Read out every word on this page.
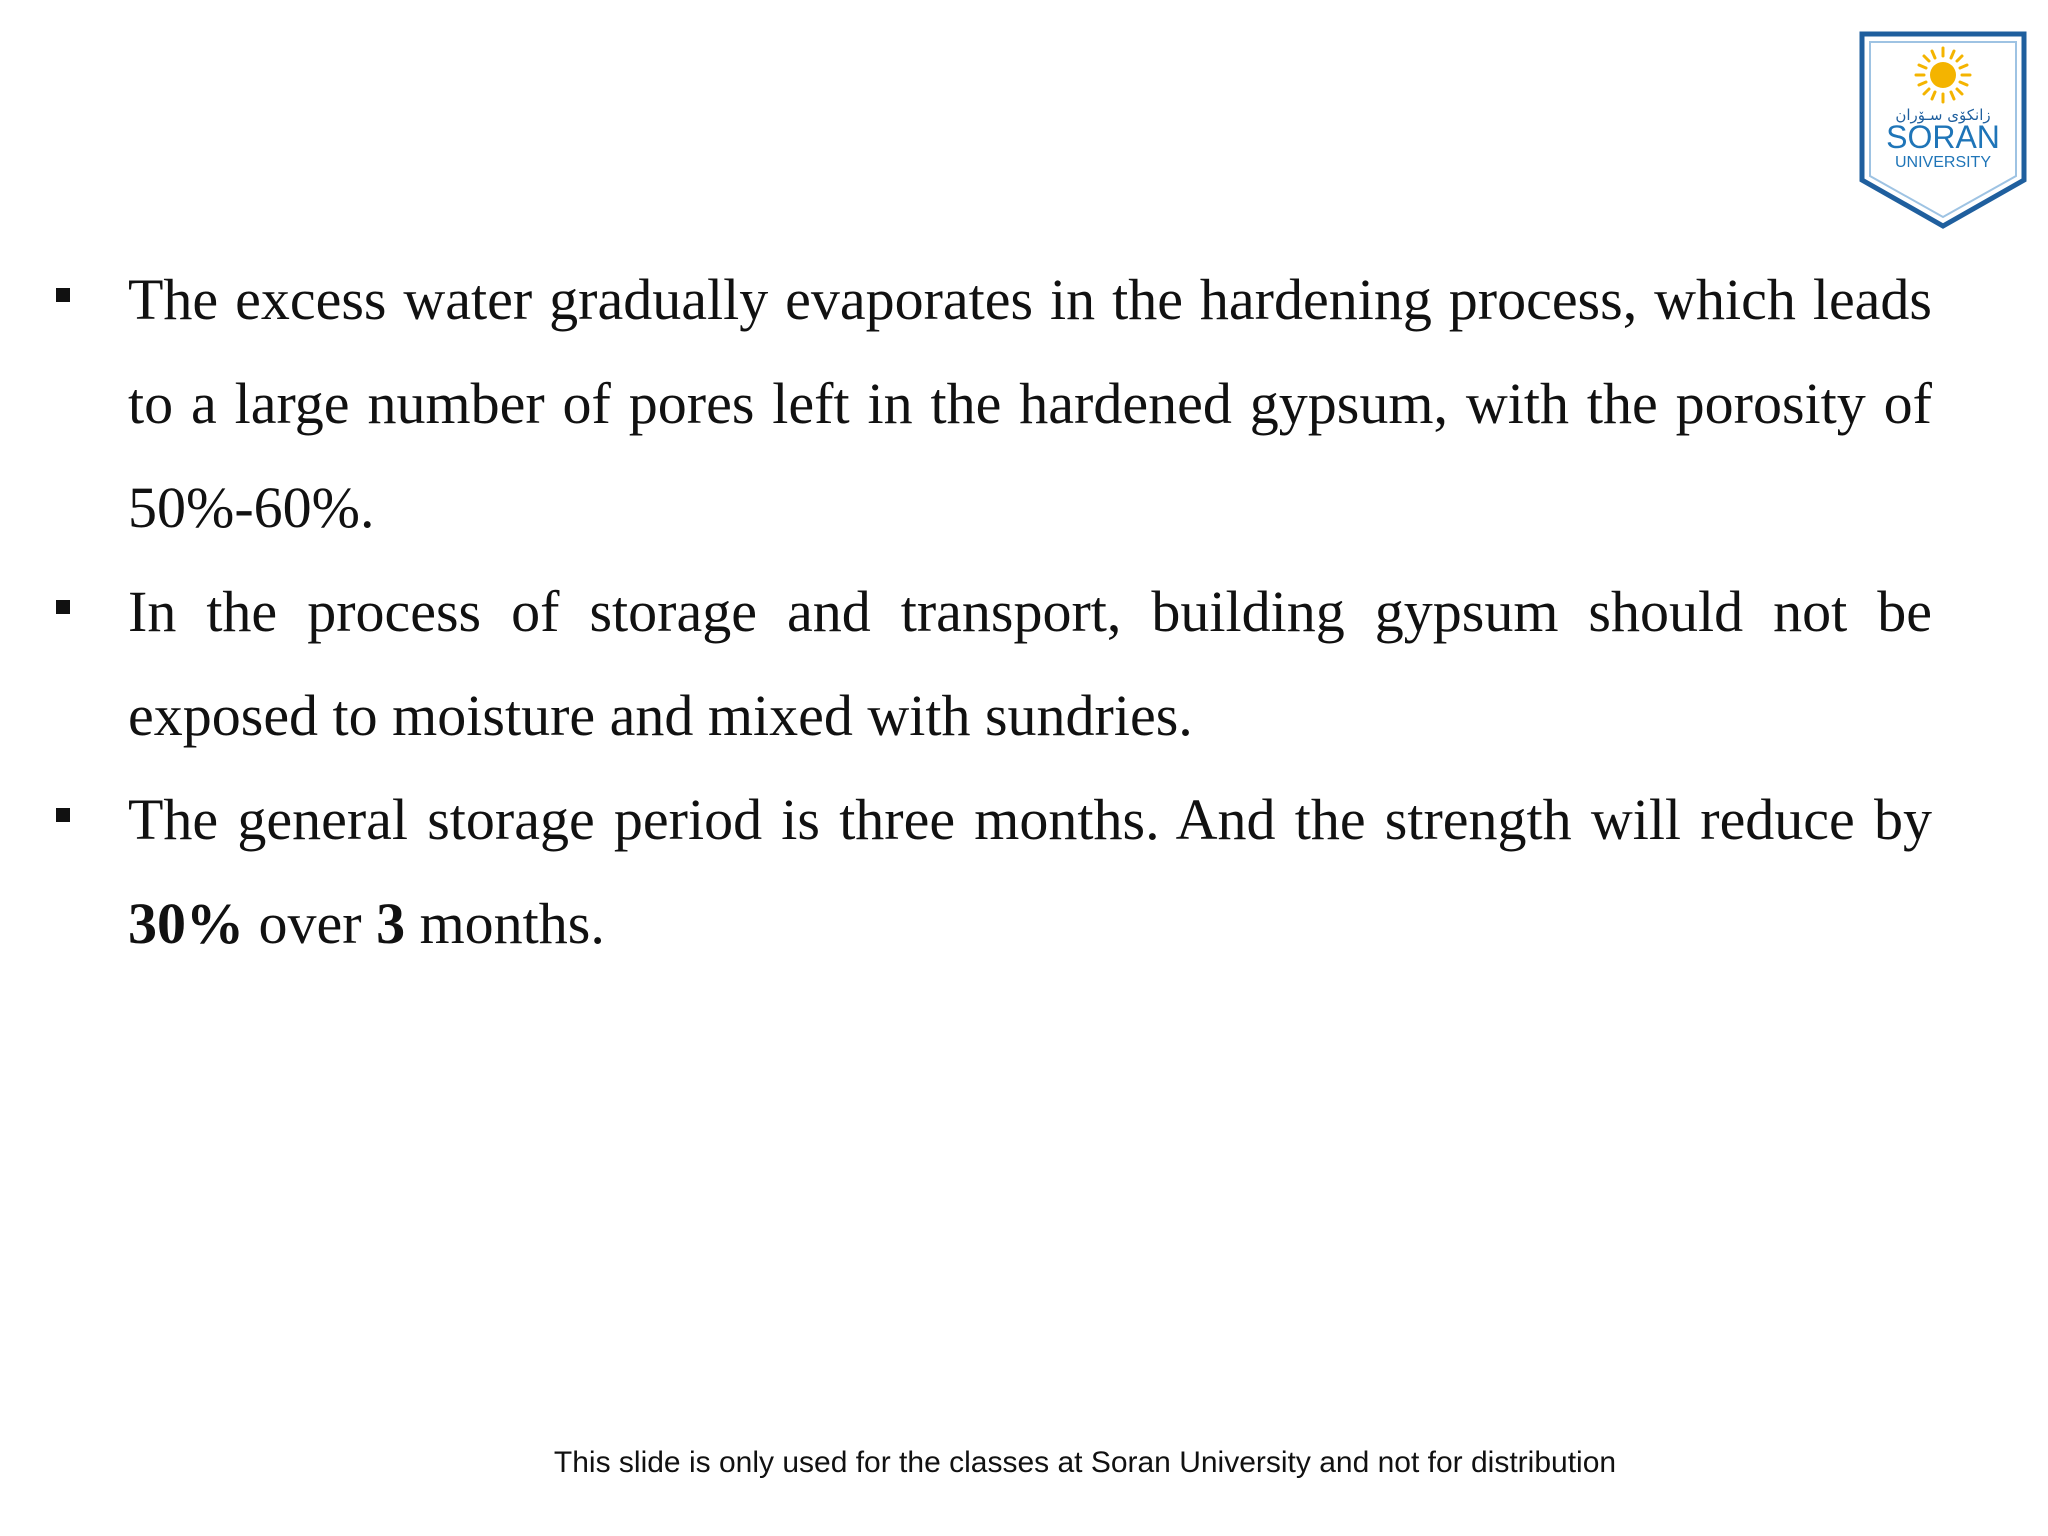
زانكۆی سـۆران
SORAN
UNIVERSITY
The excess water gradually evaporates in the hardening process, which leads to a large number of pores left in the hardened gypsum, with the porosity of 50%-60%.
In the process of storage and transport, building gypsum should not be exposed to moisture and mixed with sundries.
The general storage period is three months. And the strength will reduce by 30% over 3 months.

This slide is only used for the classes at Soran University and not for distribution
